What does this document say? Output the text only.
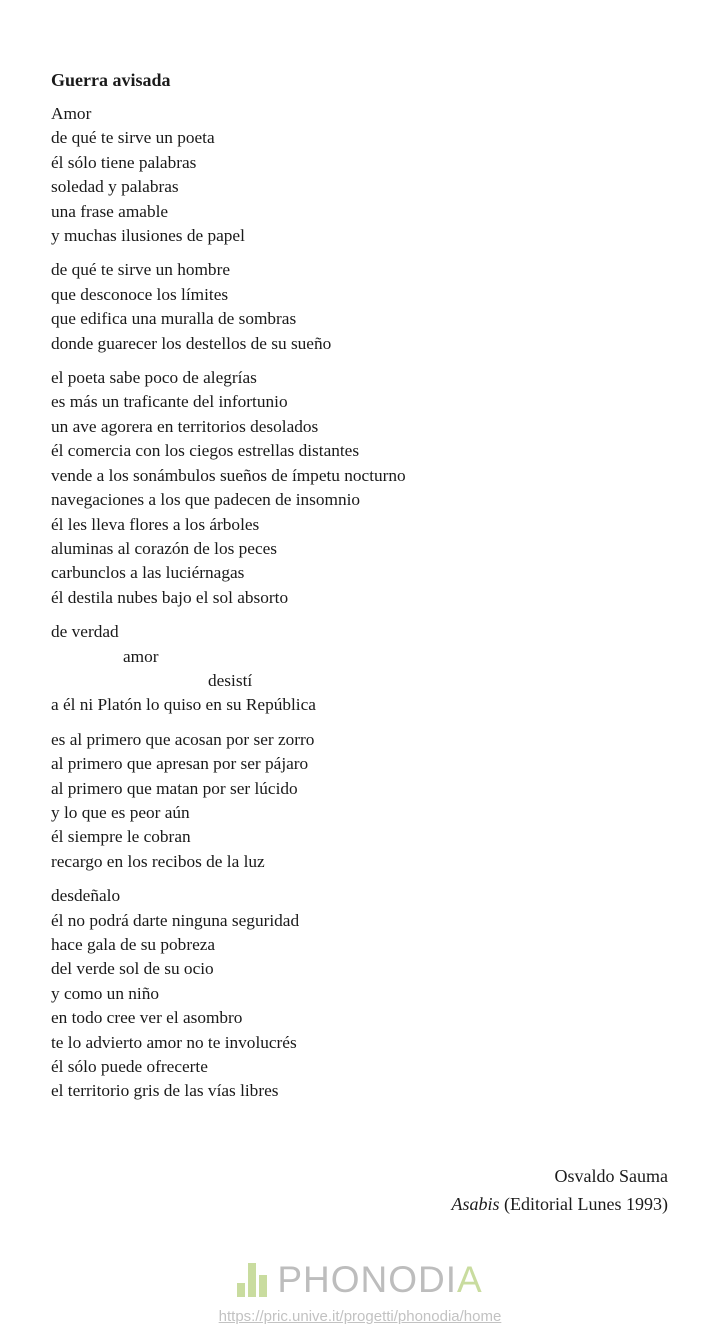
Guerra avisada
Amor
de qué te sirve un poeta
él sólo tiene palabras
soledad y palabras
una frase amable
y muchas ilusiones de papel
de qué te sirve un hombre
que desconoce los límites
que edifica una muralla de sombras
donde guarecer los destellos de su sueño
el poeta sabe poco de alegrías
es más un traficante del infortunio
un ave agorera en territorios desolados
él comercia con los ciegos estrellas distantes
vende a los sonámbulos sueños de ímpetu nocturno
navegaciones a los que padecen de insomnio
él les lleva flores a los árboles
aluminas al corazón de los peces
carbunclos a las luciérnagas
él destila nubes bajo el sol absorto
de verdad
amor
desistí
a él ni Platón lo quiso en su República
es al primero que acosan por ser zorro
al primero que apresan por ser pájaro
al primero que matan por ser lúcido
y lo que es peor aún
él siempre le cobran
recargo en los recibos de la luz
desdeñalo
él no podrá darte ninguna seguridad
hace gala de su pobreza
del verde sol de su ocio
y como un niño
en todo cree ver el asombro
te lo advierto amor no te involucrés
él sólo puede ofrecerte
el territorio gris de las vías libres
Osvaldo Sauma
Asabis (Editorial Lunes 1993)
PHONODIA
https://pric.unive.it/progetti/phonodia/home
